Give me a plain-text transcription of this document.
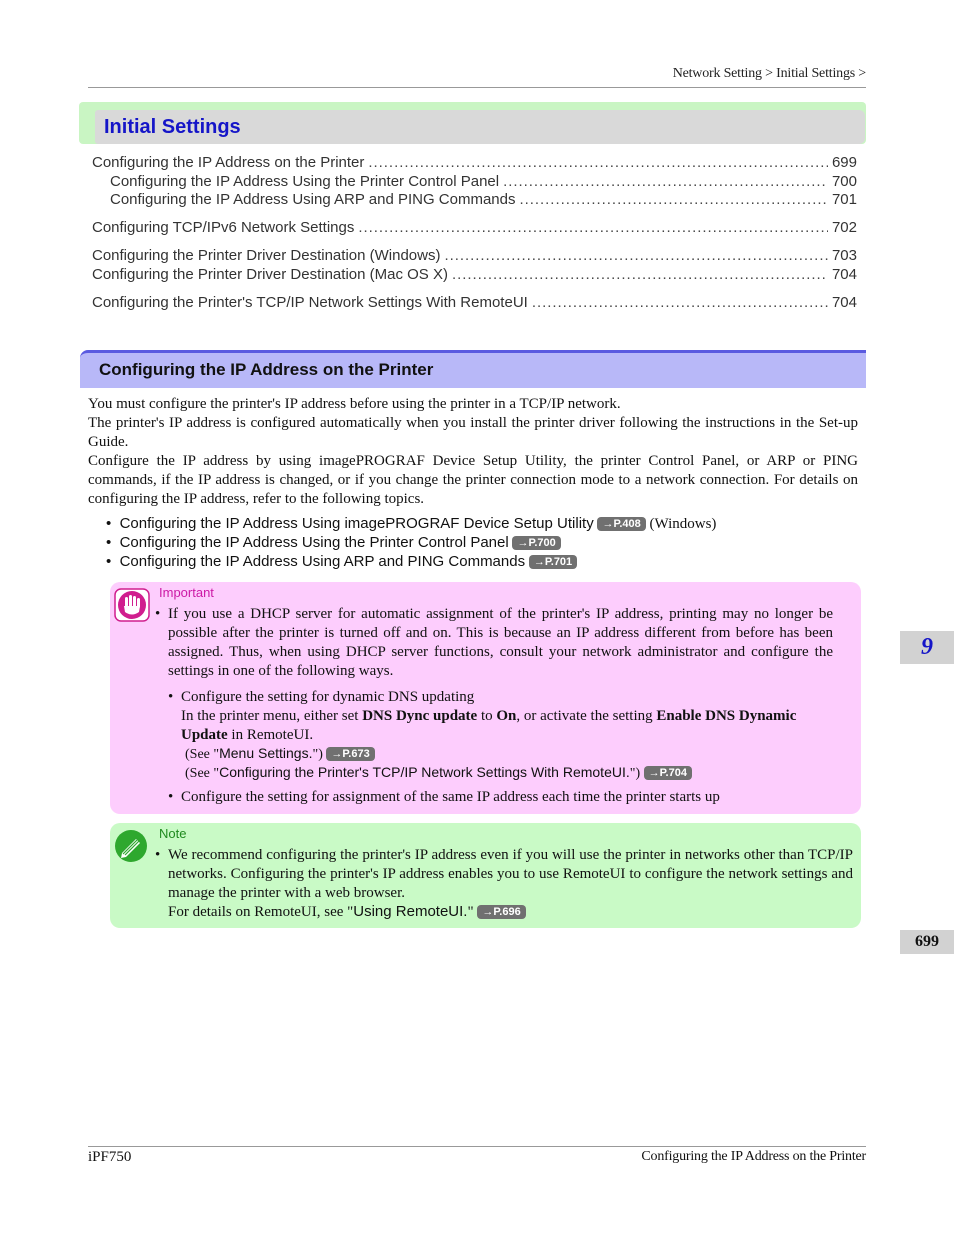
Network Setting > Initial Settings >
Initial Settings
Configuring the IP Address on the Printer . . .	699
Configuring the IP Address Using the Printer Control Panel . . .	700
Configuring the IP Address Using ARP and PING Commands . . .	701
Configuring TCP/IPv6 Network Settings . . .	702
Configuring the Printer Driver Destination (Windows) . . .	703
Configuring the Printer Driver Destination (Mac OS X) . . .	704
Configuring the Printer's TCP/IP Network Settings With RemoteUI . . .	704
Configuring the IP Address on the Printer

You must configure the printer's IP address before using the printer in a TCP/IP network.

The printer's IP address is configured automatically when you install the printer driver following the instructions in the Set-up Guide.

Configure the IP address by using imagePROGRAF Device Setup Utility, the printer Control Panel, or ARP or PING commands, if the IP address is changed, or if you change the printer connection mode to a network connection. For details on configuring the IP address, refer to the following topics.

•  Configuring the IP Address Using imagePROGRAF Device Setup Utility →P.408 (Windows)
•  Configuring the IP Address Using the Printer Control Panel →P.700
•  Configuring the IP Address Using ARP and PING Commands →P.701
Important
• If you use a DHCP server for automatic assignment of the printer's IP address, printing may no longer be possible after the printer is turned off and on. This is because an IP address different from before has been assigned. Thus, when using DHCP server functions, consult your network administrator and configure the settings in one of the following ways.
• Configure the setting for dynamic DNS updating
In the printer menu, either set DNS Dync update to On, or activate the setting Enable DNS Dynamic Update in RemoteUI.
(See "Menu Settings.") →P.673
(See "Configuring the Printer's TCP/IP Network Settings With RemoteUI.") →P.704
• Configure the setting for assignment of the same IP address each time the printer starts up
Note
• We recommend configuring the printer's IP address even if you will use the printer in networks other than TCP/IP networks. Configuring the printer's IP address enables you to use RemoteUI to configure the network settings and manage the printer with a web browser.
For details on RemoteUI, see "Using RemoteUI." →P.696
9
699
iPF750	Configuring the IP Address on the Printer
